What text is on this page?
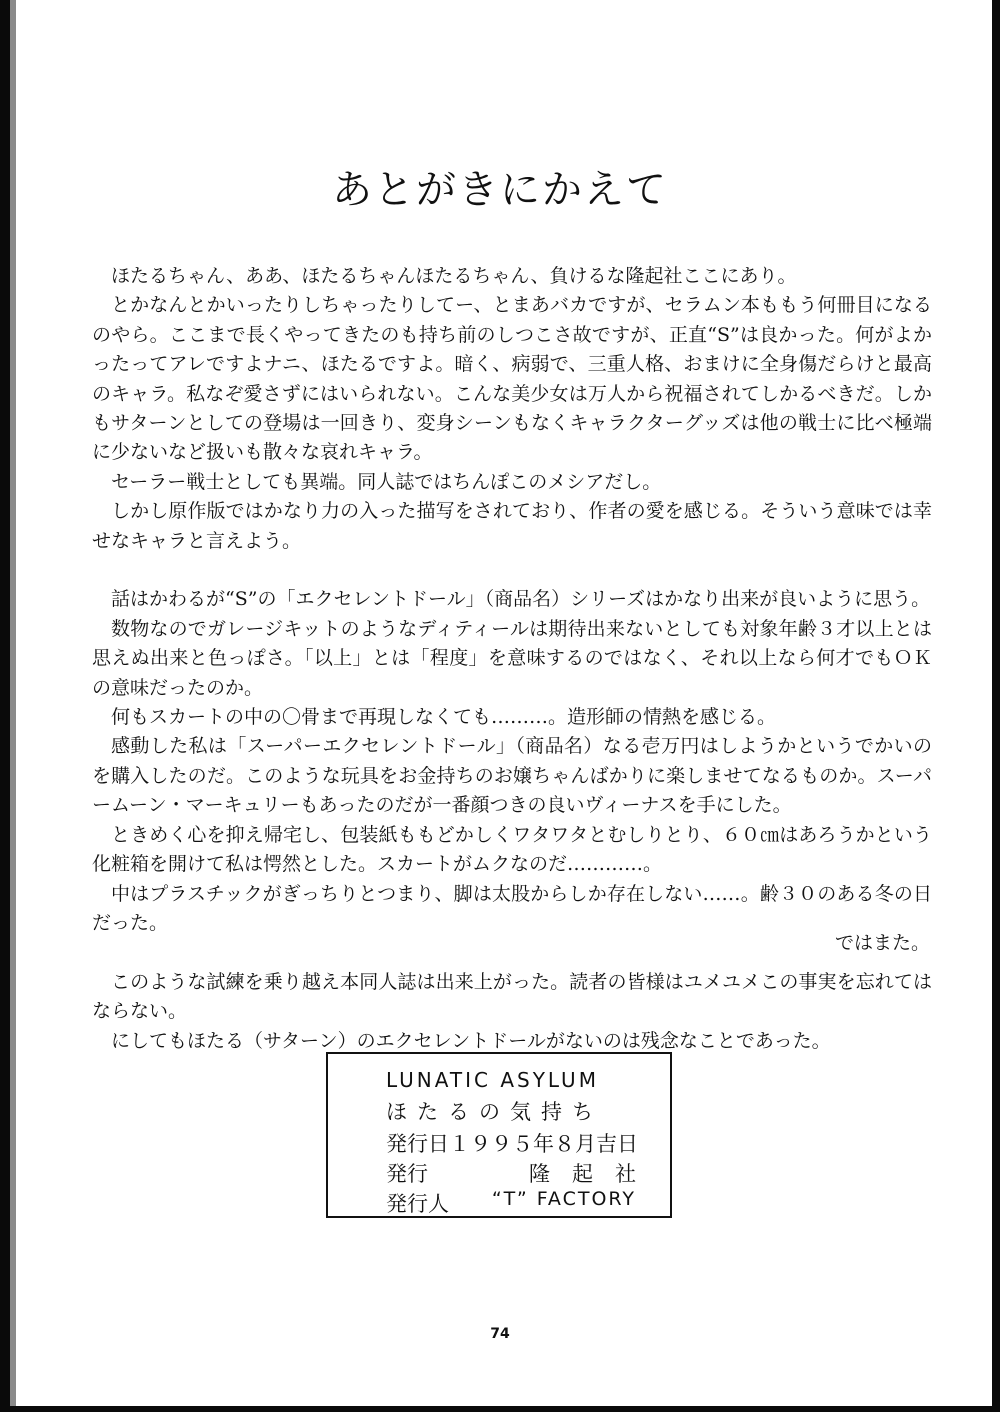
あとがきにかえて

ほたるちゃん、ああ、ほたるちゃんほたるちゃん、負けるな隆起社ここにあり。

とかなんとかいったりしちゃったりしてー、とまあバカですが、セラムン本ももう何冊目になるのやら。ここまで長くやってきたのも持ち前のしつこさ故ですが、正直“S”は良かった。何がよかったってアレですよナニ、ほたるですよ。暗く、病弱で、三重人格、おまけに全身傷だらけと最高のキャラ。私なぞ愛さずにはいられない。こんな美少女は万人から祝福されてしかるべきだ。しかもサターンとしての登場は一回きり、変身シーンもなくキャラクターグッズは他の戦士に比べ極端に少ないなど扱いも散々な哀れキャラ。

セーラー戦士としても異端。同人誌ではちんぽこのメシアだし。

しかし原作版ではかなり力の入った描写をされており、作者の愛を感じる。そういう意味では幸せなキャラと言えよう。

話はかわるが“S”の「エクセレントドール」（商品名）シリーズはかなり出来が良いように思う。

数物なのでガレージキットのようなディティールは期待出来ないとしても対象年齢３才以上とは思えぬ出来と色っぽさ。「以上」とは「程度」を意味するのではなく、それ以上なら何才でもＯＫの意味だったのか。

何もスカートの中の〇骨まで再現しなくても………。造形師の情熱を感じる。

感動した私は「スーパーエクセレントドール」（商品名）なる壱万円はしようかというでかいのを購入したのだ。このような玩具をお金持ちのお嬢ちゃんばかりに楽しませてなるものか。スーパームーン・マーキュリーもあったのだが一番顔つきの良いヴィーナスを手にした。

ときめく心を抑え帰宅し、包装紙ももどかしくワタワタとむしりとり、６０㎝はあろうかという化粧箱を開けて私は愕然とした。スカートがムクなのだ…………。

中はプラスチックがぎっちりとつまり、脚は太股からしか存在しない……。齢３０のある冬の日だった。

このような試練を乗り越え本同人誌は出来上がった。読者の皆様はユメユメこの事実を忘れてはならない。

にしてもほたる（サターン）のエクセレントドールがないのは残念なことであった。

ではまた。

LUNATIC ASYLUM
ほたるの気持ち
発行日 １９９５年８月吉日
発行	隆起社
発行人	“T” FACTORY
74
